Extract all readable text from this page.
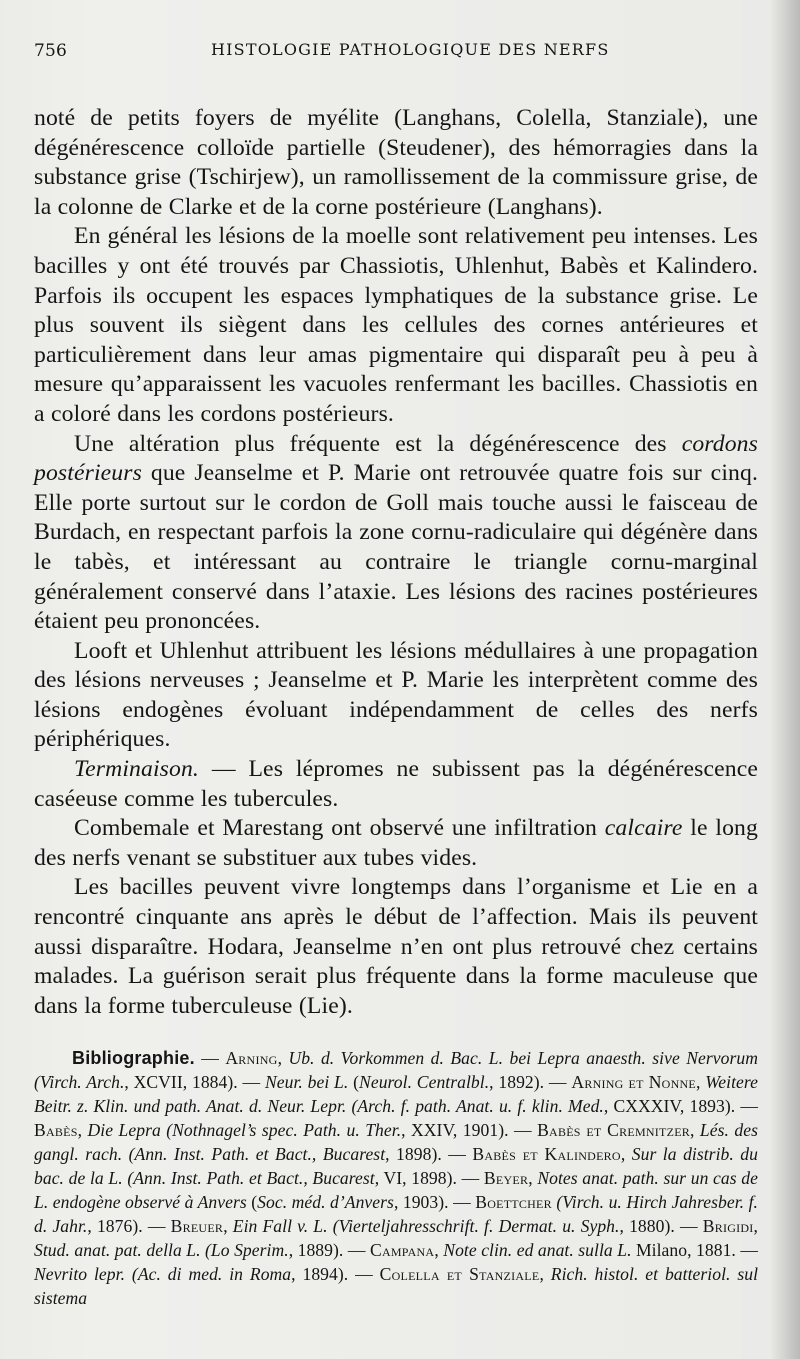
756	HISTOLOGIE PATHOLOGIQUE DES NERFS

noté de petits foyers de myélite (Langhans, Colella, Stanziale), une dégénérescence colloïde partielle (Steudener), des hémorragies dans la substance grise (Tschirjew), un ramollissement de la commissure grise, de la colonne de Clarke et de la corne postérieure (Langhans).

En général les lésions de la moelle sont relativement peu intenses. Les bacilles y ont été trouvés par Chassiotis, Uhlenhut, Babès et Kalindero. Parfois ils occupent les espaces lymphatiques de la substance grise. Le plus souvent ils siègent dans les cellules des cornes antérieures et particulièrement dans leur amas pigmentaire qui disparaît peu à peu à mesure qu’apparaissent les vacuoles renfermant les bacilles. Chassiotis en a coloré dans les cordons postérieurs.

Une altération plus fréquente est la dégénérescence des cordons postérieurs que Jeanselme et P. Marie ont retrouvée quatre fois sur cinq. Elle porte surtout sur le cordon de Goll mais touche aussi le faisceau de Burdach, en respectant parfois la zone cornu-radiculaire qui dégénère dans le tabès, et intéressant au contraire le triangle cornu-marginal généralement conservé dans l’ataxie. Les lésions des racines postérieures étaient peu prononcées.

Looft et Uhlenhut attribuent les lésions médullaires à une propagation des lésions nerveuses ; Jeanselme et P. Marie les interprètent comme des lésions endogènes évoluant indépendamment de celles des nerfs périphériques.

Terminaison. — Les lépromes ne subissent pas la dégénérescence caséeuse comme les tubercules.

Combemale et Marestang ont observé une infiltration calcaire le long des nerfs venant se substituer aux tubes vides.

Les bacilles peuvent vivre longtemps dans l’organisme et Lie en a rencontré cinquante ans après le début de l’affection. Mais ils peuvent aussi disparaître. Hodara, Jeanselme n’en ont plus retrouvé chez certains malades. La guérison serait plus fréquente dans la forme maculeuse que dans la forme tuberculeuse (Lie).

Bibliographie. — Arning, Ub. d. Vorkommen d. Bac. L. bei Lepra anaesth. sive Nervorum (Virch. Arch., XCVII, 1884). — Neur. bei L. (Neurol. Centralbl., 1892). — Arning et Nonne, Weitere Beitr. z. Klin. und path. Anat. d. Neur. Lepr. (Arch. f. path. Anat. u. f. klin. Med., CXXXIV, 1893). —Babès, Die Lepra (Nothnagel’s spec. Path. u. Ther., XXIV, 1901). — Babès et Cremnitzer, Lés. des gangl. rach. (Ann. Inst. Path. et Bact., Bucarest, 1898). — Babès et Kalindero, Sur la distrib. du bac. de la L. (Ann. Inst. Path. et Bact., Bucarest, VI, 1898). — Beyer, Notes anat. path. sur un cas de L. endogène observé à Anvers (Soc. méd. d’Anvers, 1903). — Boettcher (Virch. u. Hirch Jahresber. f. d. Jahr., 1876). — Breuer, Ein Fall v. L. (Vierteljahresschrift. f. Dermat. u. Syph., 1880). — Brigidi, Stud. anat. pat. della L. (Lo Sperim., 1889). — Campana, Note clin. ed anat. sulla L. Milano, 1881. — Nevrito lepr. (Ac. di med. in Roma, 1894). — Colella et Stanziale, Rich. histol. et batteriol. sul sistema
